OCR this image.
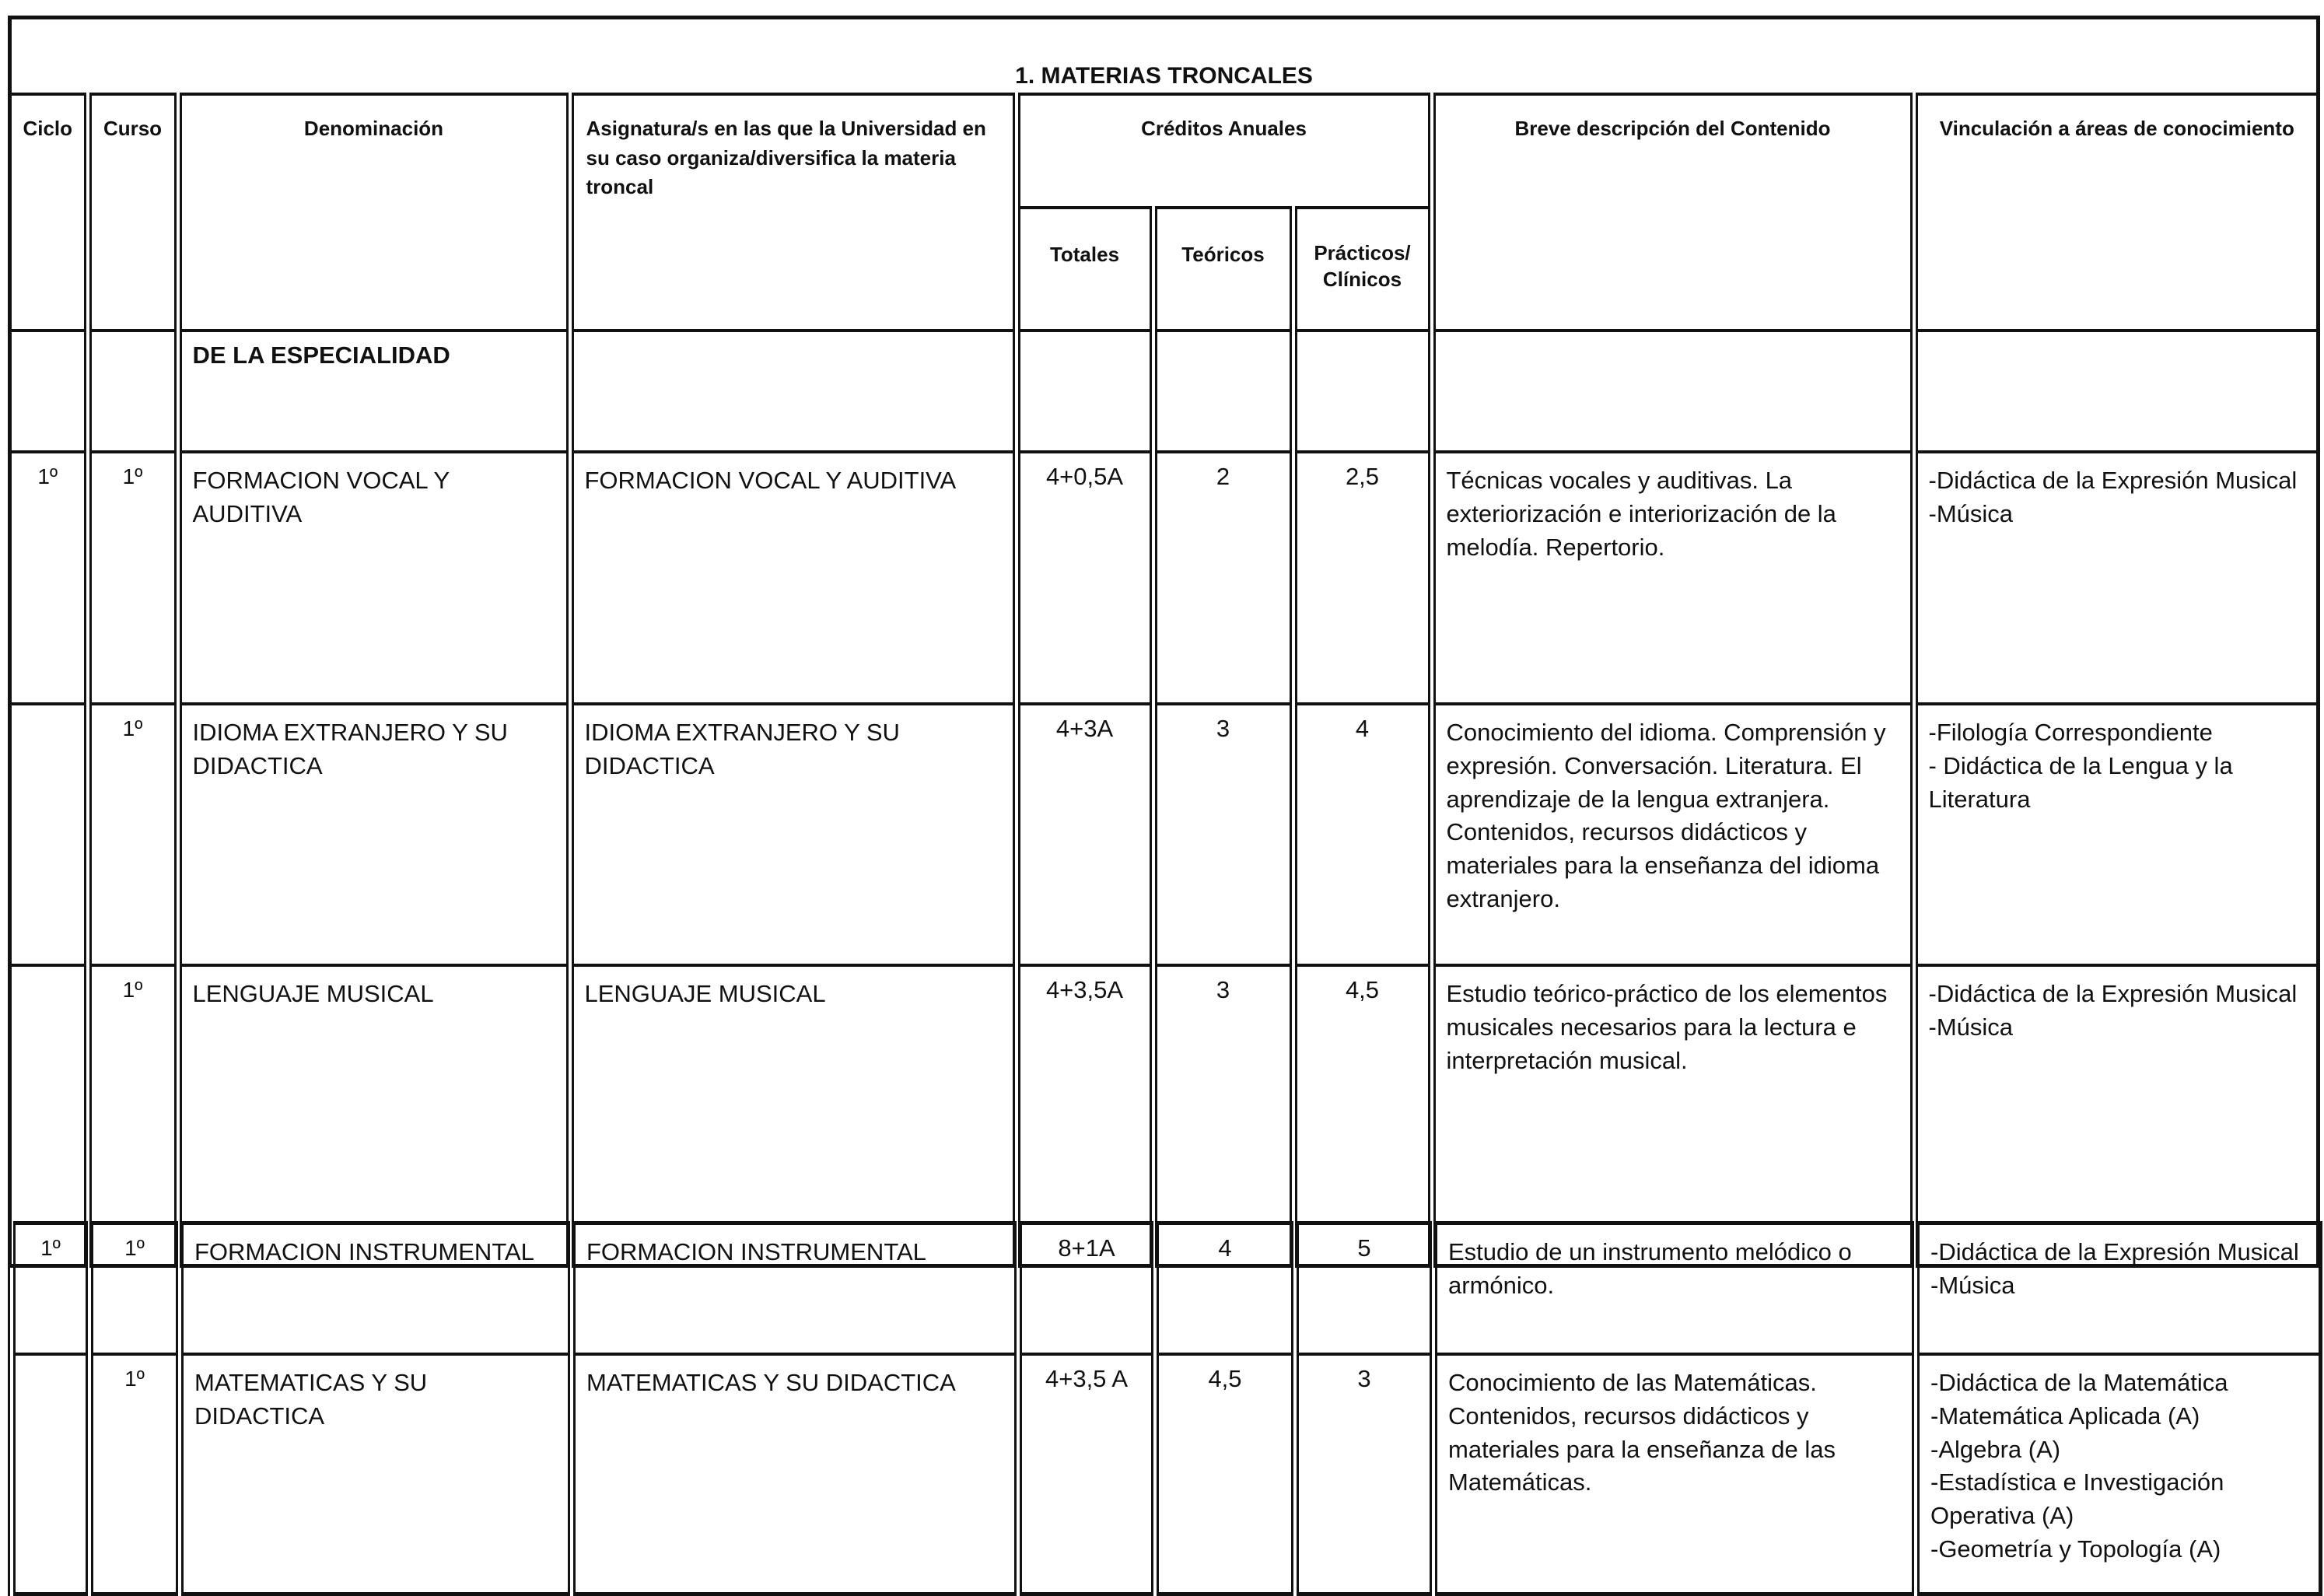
1. MATERIAS TRONCALES								
Ciclo	Curso	Denominación	Asignatura/s en las que la Universidad en su caso organiza/diversifica la materia troncal	Créditos Anuales			Breve descripción del Contenido	Vinculación a áreas de conocimiento
				Totales	Teóricos	Prácticos/ Clínicos		
		DE LA ESPECIALIDAD						
1º	1º	FORMACION VOCAL Y AUDITIVA	FORMACION VOCAL Y AUDITIVA	4+0,5A	2	2,5	Técnicas vocales y auditivas. La exteriorización e interiorización de la melodía. Repertorio.	-Didáctica de la Expresión Musical
-Música
	1º	IDIOMA EXTRANJERO Y SU DIDACTICA	IDIOMA EXTRANJERO Y SU DIDACTICA	4+3A	3	4	Conocimiento del idioma. Comprensión y expresión. Conversación. Literatura. El aprendizaje de la lengua extranjera. Contenidos, recursos didácticos y materiales para la enseñanza del idioma extranjero.	-Filología Correspondiente
- Didáctica de la Lengua y la Literatura
	1º	LENGUAJE MUSICAL	LENGUAJE MUSICAL	4+3,5A	3	4,5	Estudio teórico-práctico de los elementos musicales necesarios para la lectura e interpretación musical.	-Didáctica de la Expresión Musical
-Música
1º	1º	FORMACION INSTRUMENTAL	FORMACION INSTRUMENTAL	8+1A	4	5	Estudio de un instrumento melódico o armónico.	-Didáctica de la Expresión Musical
-Música
	1º	MATEMATICAS Y SU DIDACTICA	MATEMATICAS Y SU DIDACTICA	4+3,5 A	4,5	3	Conocimiento de las Matemáticas. Contenidos, recursos didácticos y materiales para la enseñanza de las Matemáticas.	-Didáctica de la Matemática
-Matemática Aplicada (A)
-Algebra (A)
-Estadística e Investigación Operativa (A)
-Geometría y Topología (A)
